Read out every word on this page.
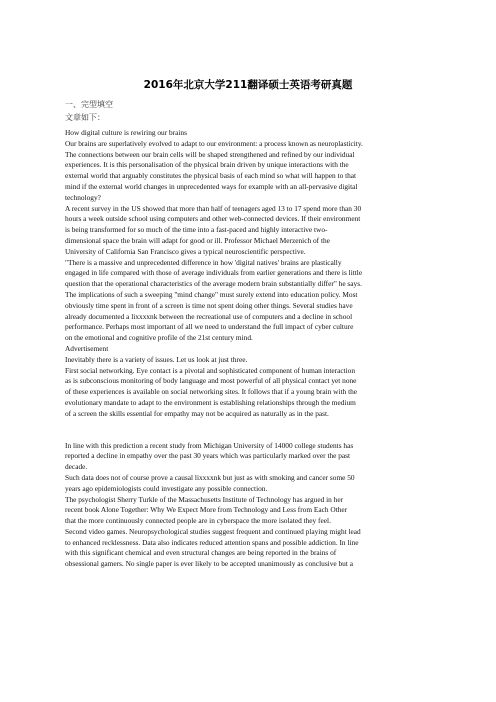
2016年北京大学211翻译硕士英语考研真题
一、完型填空
文章如下：
How digital culture is rewiring our brains
Our brains are superlatively evolved to adapt to our environment: a process known as neuroplasticity.
The connections between our brain cells will be shaped strengthened and refined by our individual
experiences. It is this personalisation of the physical brain driven by unique interactions with the
external world that arguably constitutes the physical basis of each mind so what will happen to that
mind if the external world changes in unprecedented ways for example with an all-pervasive digital
technology?
A recent survey in the US showed that more than half of teenagers aged 13 to 17 spend more than 30
hours a week outside school using computers and other web-connected devices. If their environment
is being transformed for so much of the time into a fast-paced and highly interactive two-
dimensional space the brain will adapt for good or ill. Professor Michael Merzenich of the
University of California San Francisco gives a typical neuroscientific perspective.
"There is a massive and unprecedented difference in how 'digital natives' brains are plastically
engaged in life compared with those of average individuals from earlier generations and there is little
question that the operational characteristics of the average modern brain substantially differ" he says.
The implications of such a sweeping "mind change" must surely extend into education policy. Most
obviously time spent in front of a screen is time not spent doing other things. Several studies have
already documented a lixxxxnk between the recreational use of computers and a decline in school
performance. Perhaps most important of all we need to understand the full impact of cyber culture
on the emotional and cognitive profile of the 21st century mind.
Advertisement
Inevitably there is a variety of issues. Let us look at just three.
First social networking. Eye contact is a pivotal and sophisticated component of human interaction
as is subconscious monitoring of body language and most powerful of all physical contact yet none
of these experiences is available on social networking sites. It follows that if a young brain with the
evolutionary mandate to adapt to the environment is establishing relationships through the medium
of a screen the skills essential for empathy may not be acquired as naturally as in the past.
In line with this prediction a recent study from Michigan University of 14000 college students has
reported a decline in empathy over the past 30 years which was particularly marked over the past
decade.
Such data does not of course prove a causal lixxxxnk but just as with smoking and cancer some 50
years ago epidemiologists could investigate any possible connection.
The psychologist Sherry Turkle of the Massachusetts Institute of Technology has argued in her
recent book Alone Together: Why We Expect More from Technology and Less from Each Other
that the more continuously connected people are in cyberspace the more isolated they feel.
Second video games. Neuropsychological studies suggest frequent and continued playing might lead
to enhanced recklessness. Data also indicates reduced attention spans and possible addiction. In line
with this significant chemical and even structural changes are being reported in the brains of
obsessional gamers. No single paper is ever likely to be accepted unanimously as conclusive but a
